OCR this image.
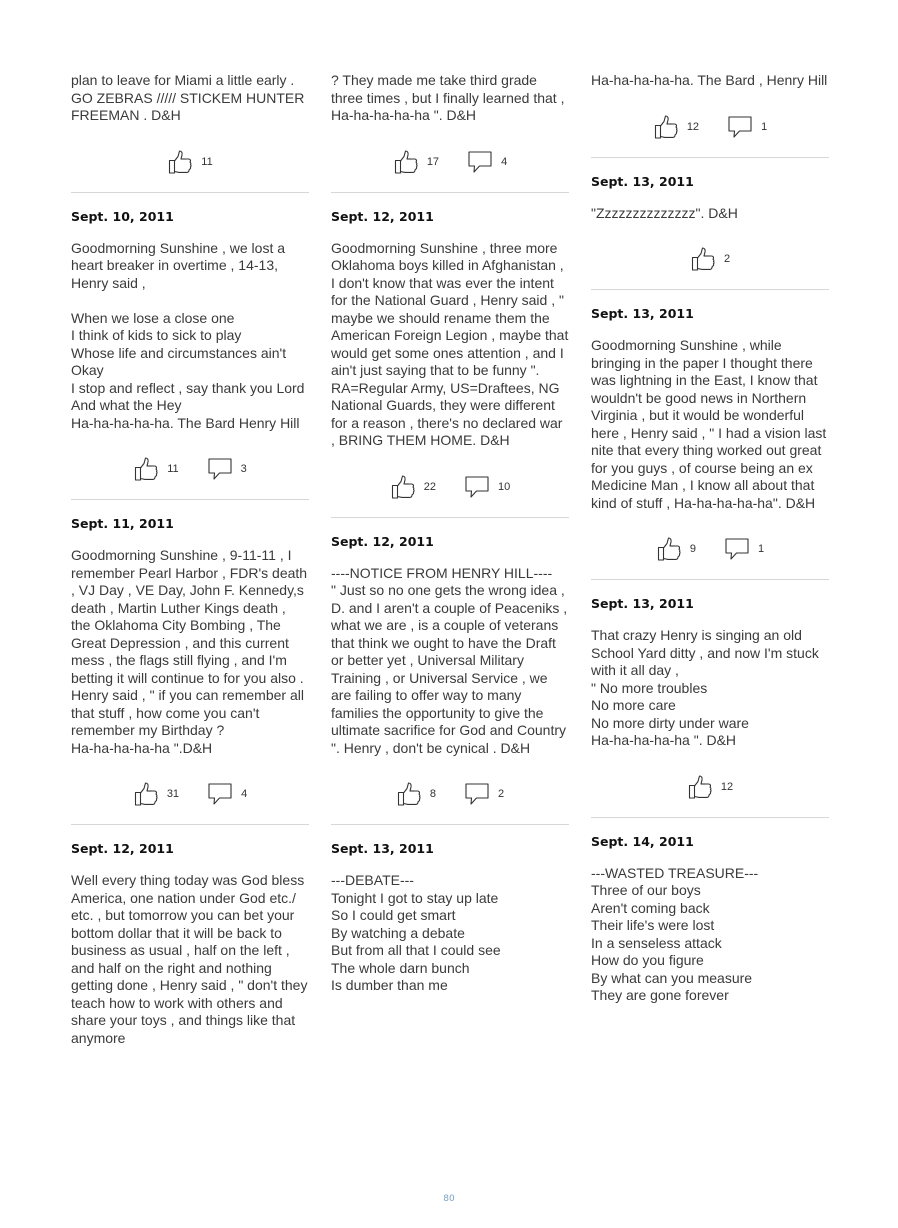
plan to leave for Miami a little early . GO ZEBRAS ///// STICKEM HUNTER FREEMAN . D&H

11
Sept. 10, 2011

Goodmorning Sunshine , we lost a heart breaker in overtime , 14-13, Henry said ,

When we lose a close one
I think of kids to sick to play
Whose life and circumstances ain't Okay
I stop and reflect , say thank you Lord
And what the Hey
Ha-ha-ha-ha-ha. The Bard Henry Hill

11	3
Sept. 11, 2011

Goodmorning Sunshine , 9-11-11 , I remember Pearl Harbor , FDR's death , VJ Day , VE Day, John F. Kennedy,s death , Martin Luther Kings death , the Oklahoma City Bombing , The Great Depression , and this current mess , the flags still flying , and I'm betting it will continue to for you also . Henry said , " if you can remember all that stuff , how come you can't remember my Birthday ?
Ha-ha-ha-ha-ha ".D&H

31	4
Sept. 12, 2011

Well every thing today was God bless America, one nation under God etc./ etc. , but tomorrow you can bet your bottom dollar that it will be back to business as usual , half on the left , and half on the right and nothing getting done , Henry said , " don't they teach how to work with others and share your toys , and things like that anymore

? They made me take third grade three times , but I finally learned that , Ha-ha-ha-ha-ha ". D&H

17	4
Sept. 12, 2011

Goodmorning Sunshine , three more Oklahoma boys killed in Afghanistan , I don't know that was ever the intent for the National Guard , Henry said , " maybe we should rename them the American Foreign Legion , maybe that would get some ones attention , and I ain't just saying that to be funny ". RA=Regular Army, US=Draftees, NG National Guards, they were different for a reason , there's no declared war , BRING THEM HOME. D&H

22	10
Sept. 12, 2011

----NOTICE FROM HENRY HILL----
" Just so no one gets the wrong idea , D. and I aren't a couple of Peaceniks , what we are , is a couple of veterans that think we ought to have the Draft or better yet , Universal Military Training , or Universal Service , we are failing to offer way to many families the opportunity to give the ultimate sacrifice for God and Country ". Henry , don't be cynical . D&H

8	2
Sept. 13, 2011

---DEBATE---
Tonight I got to stay up late
So I could get smart
By watching a debate
But from all that I could see
The whole darn bunch
Is dumber than me

Ha-ha-ha-ha-ha. The Bard , Henry Hill

12	1
Sept. 13, 2011

"Zzzzzzzzzzzzzz". D&H

2
Sept. 13, 2011

Goodmorning Sunshine , while bringing in the paper I thought there was lightning in the East, I know that wouldn't be good news in Northern Virginia , but it would be wonderful here , Henry said , " I had a vision last nite that every thing worked out great for you guys , of course being an ex Medicine Man , I know all about that kind of stuff , Ha-ha-ha-ha-ha". D&H

9	1
Sept. 13, 2011

That crazy Henry is singing an old School Yard ditty , and now I'm stuck with it all day ,
" No more troubles
No more care
No more dirty under ware
Ha-ha-ha-ha-ha ". D&H

12
Sept. 14, 2011

---WASTED TREASURE---
Three of our boys
Aren't coming back
Their life's were lost
In a senseless attack
How do you figure
By what can you measure
They are gone forever

80
